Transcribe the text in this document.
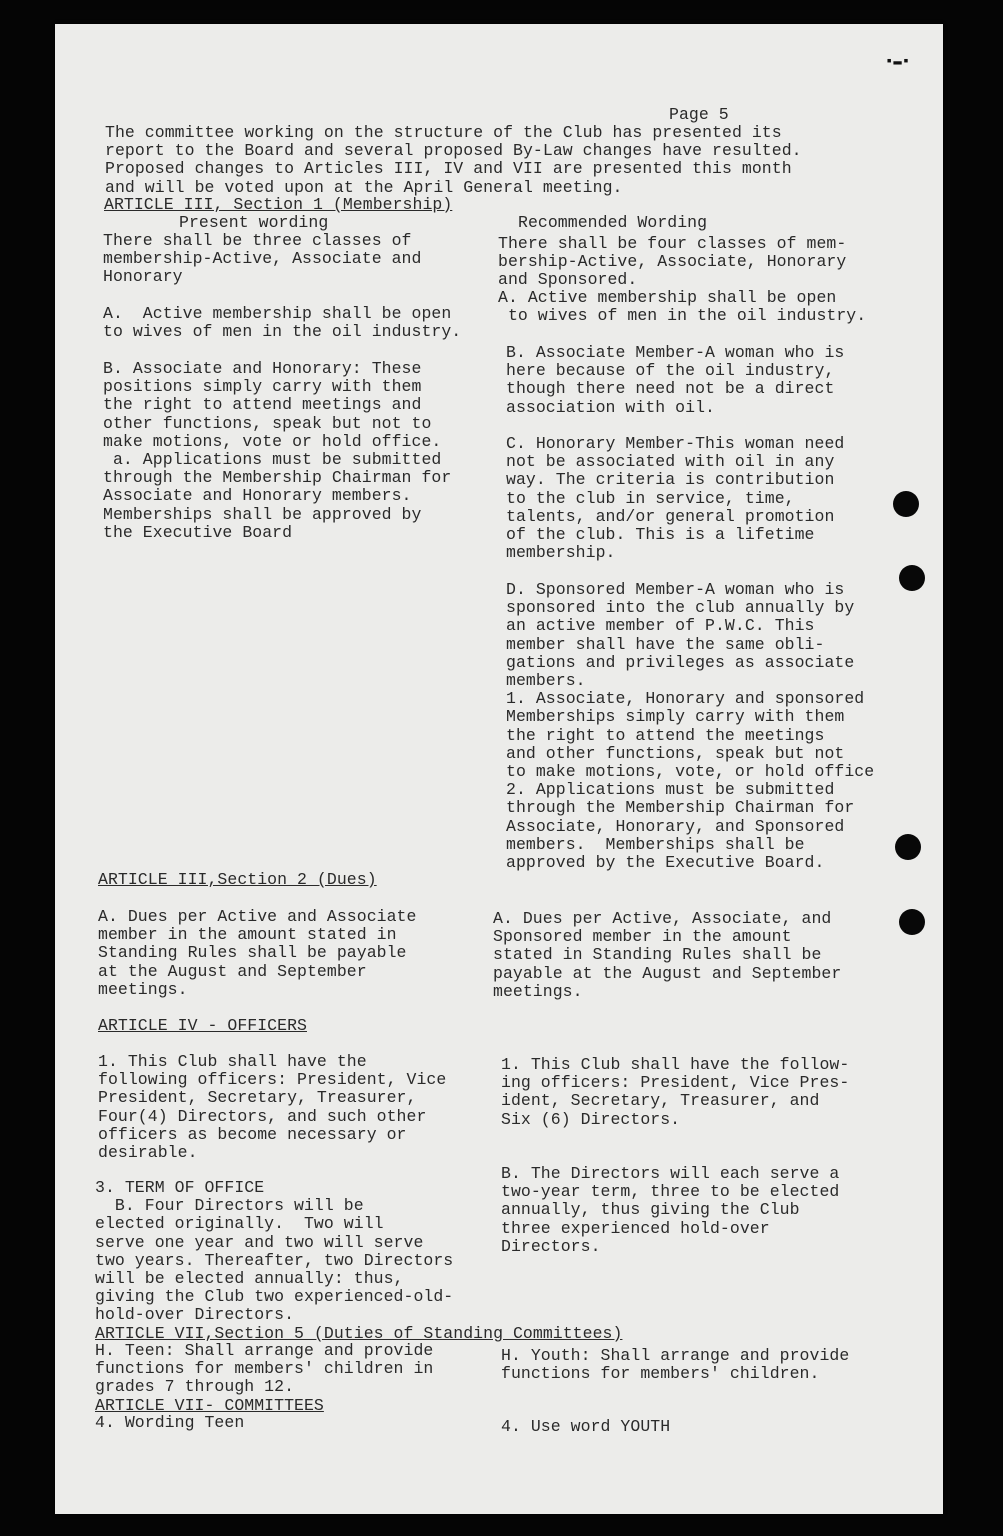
▪▬▪

Page 5

The committee working on the structure of the Club has presented its
report to the Board and several proposed By-Law changes have resulted.
Proposed changes to Articles III, IV and VII are presented this month
and will be voted upon at the April General meeting.

ARTICLE III, Section 1 (Membership)

Present wording	Recommended Wording

There shall be three classes of
membership-Active, Associate and
Honorary

A.  Active membership shall be open
to wives of men in the oil industry.

B. Associate and Honorary: These
positions simply carry with them
the right to attend meetings and
other functions, speak but not to
make motions, vote or hold office.
a. Applications must be submitted
through the Membership Chairman for
Associate and Honorary members.
Memberships shall be approved by
the Executive Board

There shall be four classes of mem-
bership-Active, Associate, Honorary
and Sponsored.

A. Active membership shall be open
to wives of men in the oil industry.

B. Associate Member-A woman who is
here because of the oil industry,
though there need not be a direct
association with oil.

C. Honorary Member-This woman need
not be associated with oil in any
way. The criteria is contribution
to the club in service, time,
talents, and/or general promotion
of the club. This is a lifetime
membership.

D. Sponsored Member-A woman who is
sponsored into the club annually by
an active member of P.W.C. This
member shall have the same obli-
gations and privileges as associate
members.
1. Associate, Honorary and sponsored
Memberships simply carry with them
the right to attend the meetings
and other functions, speak but not
to make motions, vote, or hold office
2. Applications must be submitted
through the Membership Chairman for
Associate, Honorary, and Sponsored
members.  Memberships shall be
approved by the Executive Board.

ARTICLE III,Section 2 (Dues)

A. Dues per Active and Associate
member in the amount stated in
Standing Rules shall be payable
at the August and September
meetings.

A. Dues per Active, Associate, and
Sponsored member in the amount
stated in Standing Rules shall be
payable at the August and September
meetings.

ARTICLE IV - OFFICERS

1. This Club shall have the
following officers: President, Vice
President, Secretary, Treasurer,
Four(4) Directors, and such other
officers as become necessary or
desirable.

1. This Club shall have the follow-
ing officers: President, Vice Pres-
ident, Secretary, Treasurer, and
Six (6) Directors.

3. TERM OF OFFICE
B. Four Directors will be
elected originally.  Two will
serve one year and two will serve
two years. Thereafter, two Directors
will be elected annually: thus,
giving the Club two experienced-old-
hold-over Directors.

B. The Directors will each serve a
two-year term, three to be elected
annually, thus giving the Club
three experienced hold-over
Directors.

ARTICLE VII,Section 5 (Duties of Standing Committees)

H. Teen: Shall arrange and provide
functions for members' children in
grades 7 through 12.

H. Youth: Shall arrange and provide
functions for members' children.

ARTICLE VII- COMMITTEES

4. Wording Teen	4. Use word YOUTH
